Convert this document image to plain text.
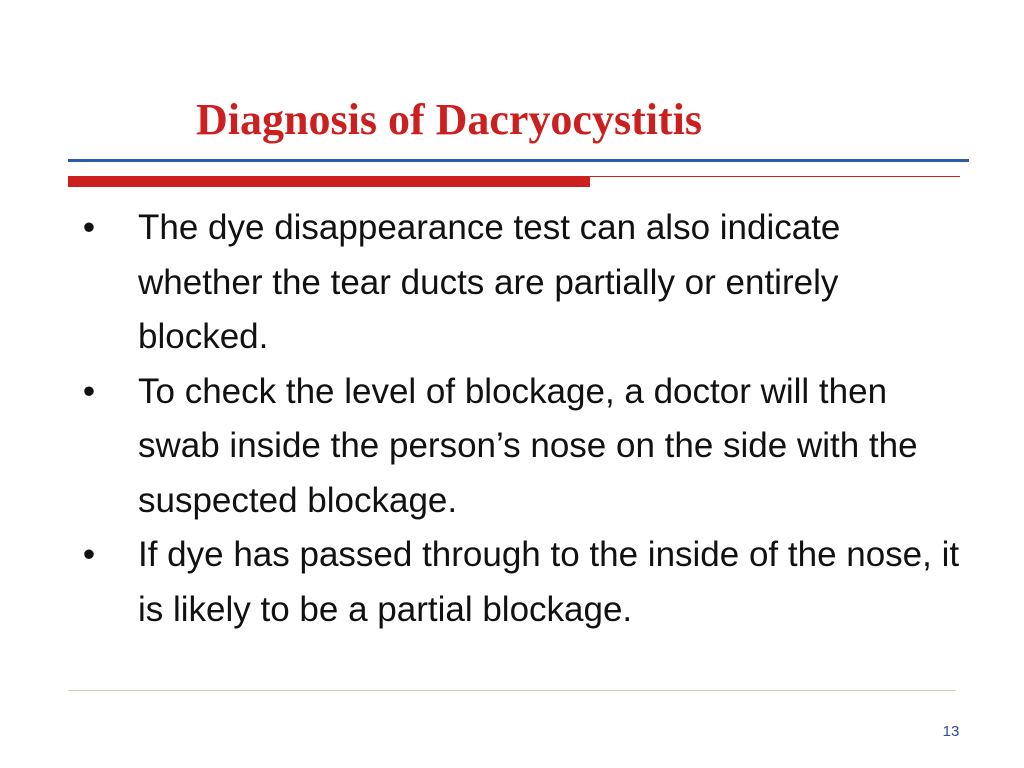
Diagnosis of Dacryocystitis
• The dye disappearance test can also indicate whether the tear ducts are partially or entirely blocked.
• To check the level of blockage, a doctor will then swab inside the person’s nose on the side with the suspected blockage.
• If dye has passed through to the inside of the nose, it is likely to be a partial blockage.
13
